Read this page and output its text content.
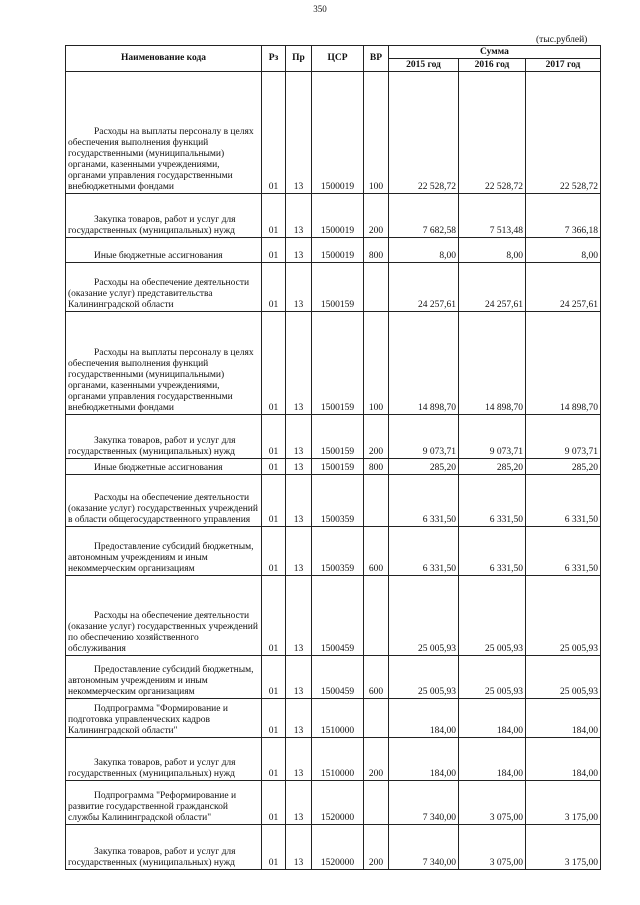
350
(тыс.рублей)
Наименование кода	Рз	Пр	ЦСР	ВР	Сумма		
					2015 год	2016 год	2017 год

Расходы на выплаты персоналу в целях обеспечения выполнения функций государственными (муниципальными) органами, казенными учреждениями, органами управления государственными внебюджетными фондами	01	13	1500019	100	22 528,72	22 528,72	22 528,72

Закупка товаров, работ и услуг для государственных (муниципальных) нужд	01	13	1500019	200	7 682,58	7 513,48	7 366,18

Иные бюджетные ассигнования	01	13	1500019	800	8,00	8,00	8,00

Расходы на обеспечение деятельности (оказание услуг) представительства Калининградской области	01	13	1500159		24 257,61	24 257,61	24 257,61

Расходы на выплаты персоналу в целях обеспечения выполнения функций государственными (муниципальными) органами, казенными учреждениями, органами управления государственными внебюджетными фондами	01	13	1500159	100	14 898,70	14 898,70	14 898,70

Закупка товаров, работ и услуг для государственных (муниципальных) нужд	01	13	1500159	200	9 073,71	9 073,71	9 073,71

Иные бюджетные ассигнования	01	13	1500159	800	285,20	285,20	285,20

Расходы на обеспечение деятельности (оказание услуг) государственных учреждений в области общегосударственного управления	01	13	1500359		6 331,50	6 331,50	6 331,50

Предоставление субсидий бюджетным, автономным учреждениям и иным некоммерческим организациям	01	13	1500359	600	6 331,50	6 331,50	6 331,50

Расходы на обеспечение деятельности (оказание услуг) государственных учреждений по обеспечению хозяйственного обслуживания	01	13	1500459		25 005,93	25 005,93	25 005,93

Предоставление субсидий бюджетным, автономным учреждениям и иным некоммерческим организациям	01	13	1500459	600	25 005,93	25 005,93	25 005,93

Подпрограмма "Формирование и подготовка управленческих кадров Калининградской области"	01	13	1510000		184,00	184,00	184,00

Закупка товаров, работ и услуг для государственных (муниципальных) нужд	01	13	1510000	200	184,00	184,00	184,00

Подпрограмма "Реформирование и развитие государственной гражданской службы Калининградской области"	01	13	1520000		7 340,00	3 075,00	3 175,00

Закупка товаров, работ и услуг для государственных (муниципальных) нужд	01	13	1520000	200	7 340,00	3 075,00	3 175,00
